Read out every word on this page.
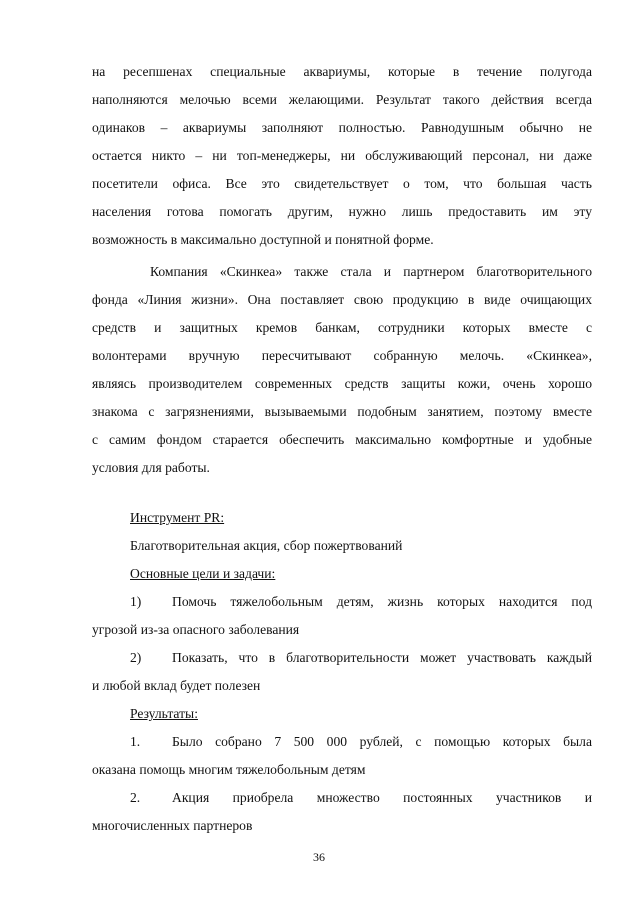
на ресепшенах специальные аквариумы, которые в течение полугода
наполняются мелочью всеми желающими. Результат такого действия всегда
одинаков – аквариумы заполняют полностью. Равнодушным обычно не
остается никто – ни топ-менеджеры, ни обслуживающий персонал, ни даже
посетители офиса. Все это свидетельствует о том, что большая часть
населения готова помогать другим, нужно лишь предоставить им эту
возможность в максимально доступной и понятной форме.
Компания «Скинкеа» также стала и партнером благотворительного
фонда «Линия жизни». Она поставляет свою продукцию в виде очищающих
средств и защитных кремов банкам, сотрудники которых вместе с
волонтерами вручную пересчитывают собранную мелочь. «Скинкеа»,
являясь производителем современных средств защиты кожи, очень хорошо
знакома с загрязнениями, вызываемыми подобным занятием, поэтому вместе
с самим фондом старается обеспечить максимально комфортные и удобные
условия для работы.
Инструмент PR:
Благотворительная акция, сбор пожертвований
Основные цели и задачи:
1)	Помочь тяжелобольным детям, жизнь которых находится под
угрозой из-за опасного заболевания
2)	Показать, что в благотворительности может участвовать каждый
и любой вклад будет полезен
Результаты:
1.	Было собрано 7 500 000 рублей, с помощью которых была
оказана помощь многим тяжелобольным детям
2.	Акция приобрела множество постоянных участников и
многочисленных партнеров
36
